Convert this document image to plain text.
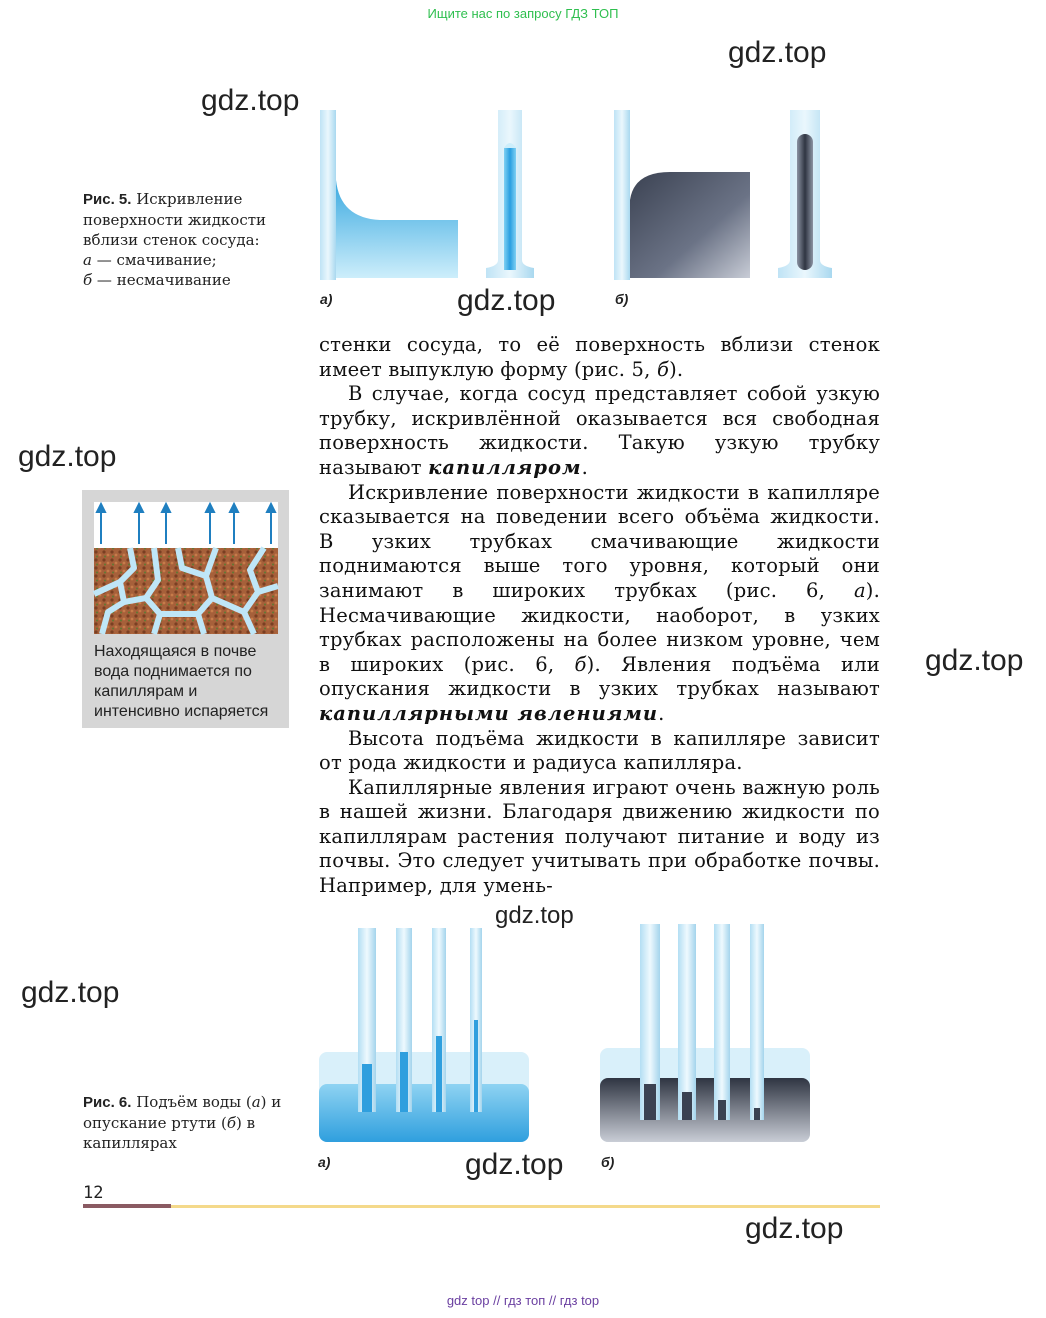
Ищите нас по запросу ГДЗ ТОП
gdz.top
gdz.top
gdz.top
gdz.top
gdz.top
gdz.top
gdz.top
gdz.top
gdz.top
Рис. 5. Искривление поверхности жидкости вблизи стенок сосуда:
а — смачивание;
б — несмачивание
а)	б)
Находящаяся в почве вода поднимается по капиллярам и интенсивно испаряется

стенки сосуда, то её поверхность вблизи стенок имеет выпуклую форму (рис. 5, б).

В случае, когда сосуд представляет собой узкую трубку, искривлённой оказывается вся свободная поверхность жидкости. Такую узкую трубку называют капилляром.

Искривление поверхности жидкости в капилляре сказывается на поведении всего объёма жидкости. В узких трубках смачивающие жидкости поднимаются выше того уровня, который они занимают в широких трубках (рис. 6, а). Несмачивающие жидкости, наоборот, в узких трубках расположены на более низком уровне, чем в широких (рис. 6, б). Явления подъёма или опускания жидкости в узких трубках называют капиллярными явлениями.

Высота подъёма жидкости в капилляре зависит от рода жидкости и радиуса капилляра.

Капиллярные явления играют очень важную роль в нашей жизни. Благодаря движению жидкости по капиллярам растения получают питание и воду из почвы. Это следует учитывать при обработке почвы. Например, для умень-

а)	б)
Рис. 6. Подъём воды (а) и опускание ртути (б) в капиллярах
12
gdz top // гдз топ // гдз top
